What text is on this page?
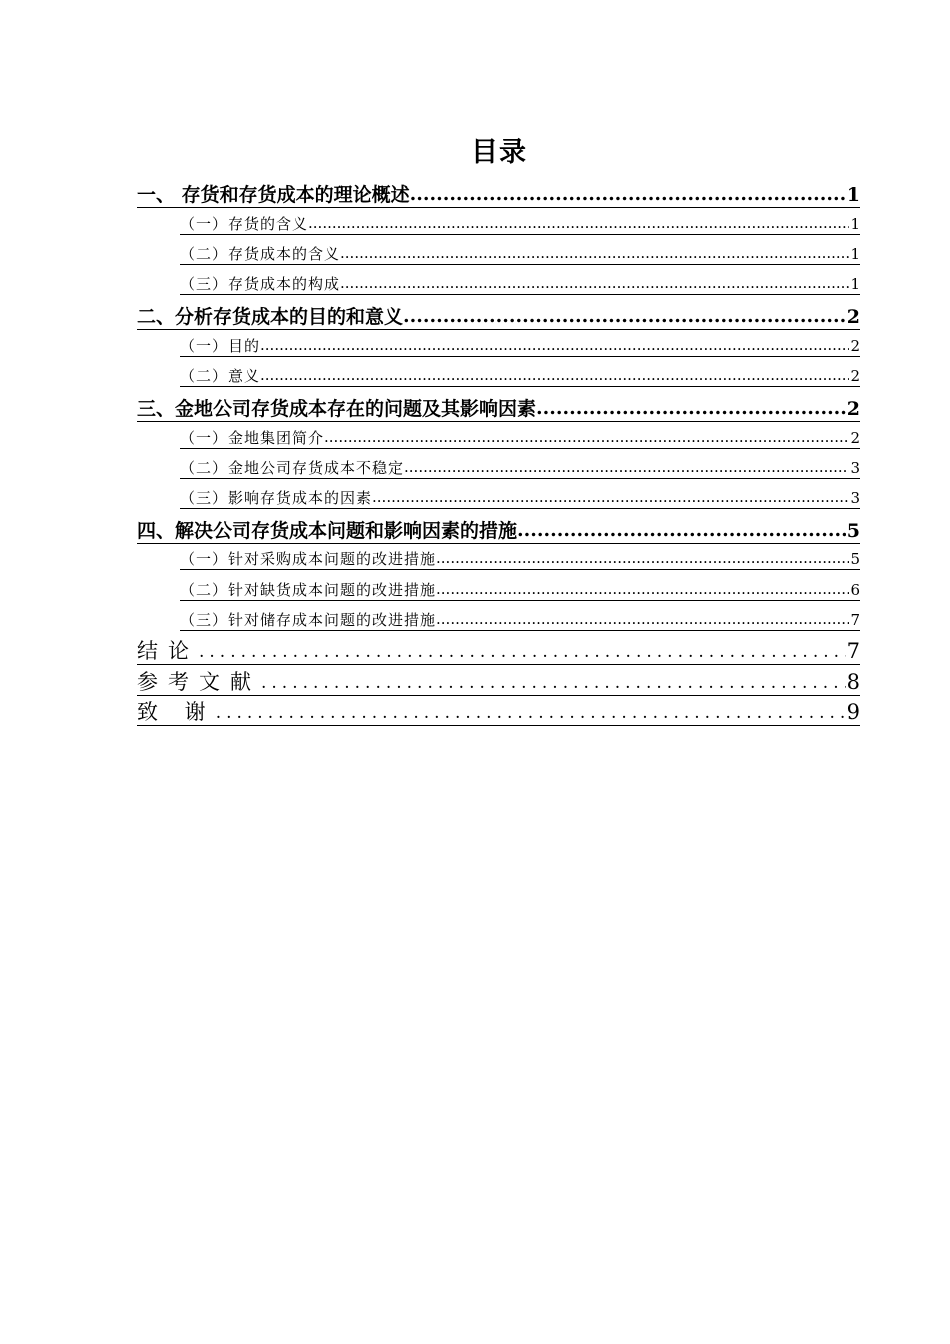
目录
一、 存货和存货成本的理论概述 .....	1
（一）存货的含义 .....	1
（二）存货成本的含义 .....	1
（三）存货成本的构成 .....	1
二、分析存货成本的目的和意义 .....	2
（一）目的 .....	2
（二）意义 .....	2
三、金地公司存货成本存在的问题及其影响因素 .....	2
（一）金地集团简介 .....	2
（二）金地公司存货成本不稳定 .....	3
（三）影响存货成本的因素 .....	3
四、解决公司存货成本问题和影响因素的措施 .....	5
（一）针对采购成本问题的改进措施 .....	5
（二）针对缺货成本问题的改进措施 .....	6
（三）针对储存成本问题的改进措施 .....	7
结论 .....	7
参考文献 .....	8
致 谢 .....	9
